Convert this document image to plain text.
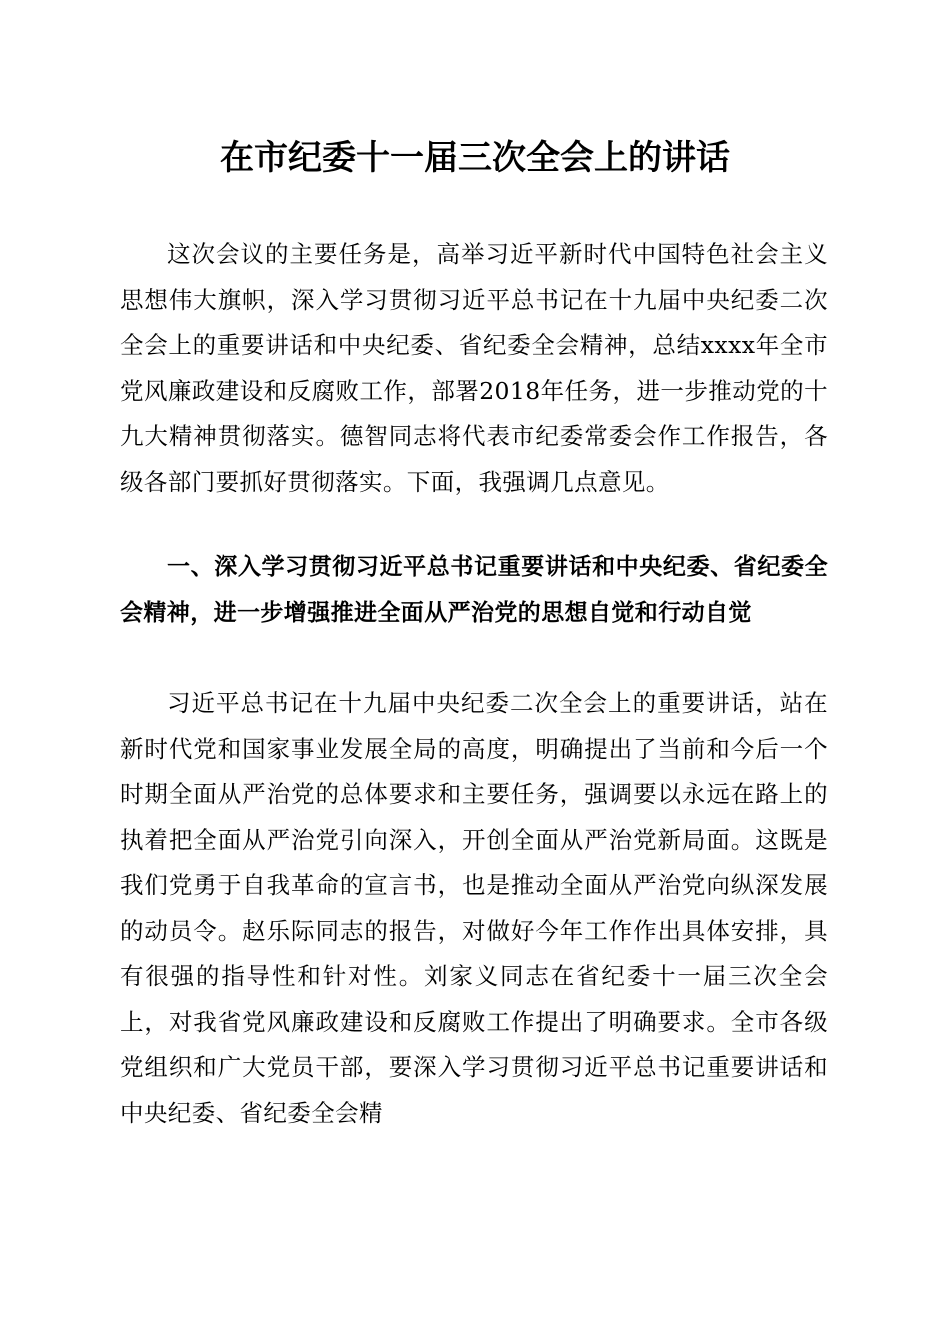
在市纪委十一届三次全会上的讲话

这次会议的主要任务是，高举习近平新时代中国特色社会主义思想伟大旗帜，深入学习贯彻习近平总书记在十九届中央纪委二次全会上的重要讲话和中央纪委、省纪委全会精神，总结xxxx年全市党风廉政建设和反腐败工作，部署2018年任务，进一步推动党的十九大精神贯彻落实。德智同志将代表市纪委常委会作工作报告，各级各部门要抓好贯彻落实。下面，我强调几点意见。

一、深入学习贯彻习近平总书记重要讲话和中央纪委、省纪委全会精神，进一步增强推进全面从严治党的思想自觉和行动自觉

习近平总书记在十九届中央纪委二次全会上的重要讲话，站在新时代党和国家事业发展全局的高度，明确提出了当前和今后一个时期全面从严治党的总体要求和主要任务，强调要以永远在路上的执着把全面从严治党引向深入，开创全面从严治党新局面。这既是我们党勇于自我革命的宣言书，也是推动全面从严治党向纵深发展的动员令。赵乐际同志的报告，对做好今年工作作出具体安排，具有很强的指导性和针对性。刘家义同志在省纪委十一届三次全会上，对我省党风廉政建设和反腐败工作提出了明确要求。全市各级党组织和广大党员干部，要深入学习贯彻习近平总书记重要讲话和中央纪委、省纪委全会精
